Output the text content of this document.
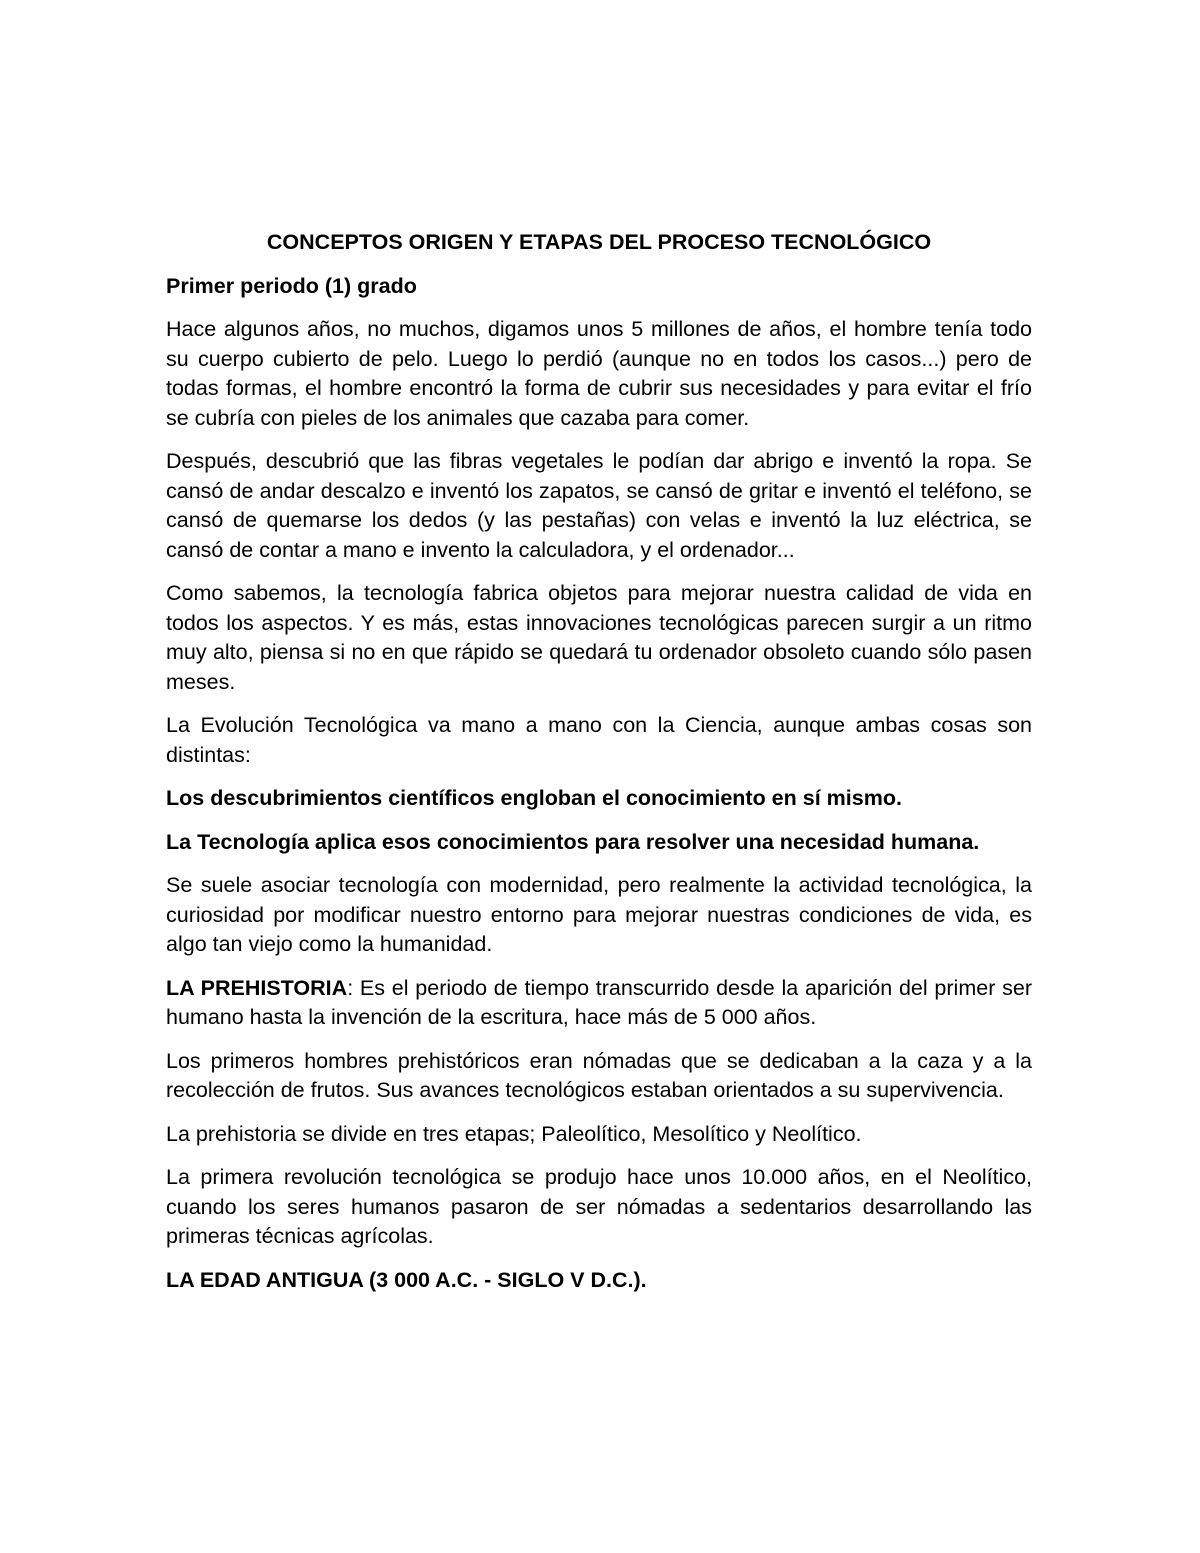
CONCEPTOS ORIGEN Y ETAPAS DEL PROCESO TECNOLÓGICO
Primer periodo (1) grado

Hace algunos años, no muchos, digamos unos 5 millones de años, el hombre tenía todo su cuerpo cubierto de pelo. Luego lo perdió (aunque no en todos los casos...) pero de todas formas, el hombre encontró la forma de cubrir sus necesidades y para evitar el frío se cubría con pieles de los animales que cazaba para comer.

Después, descubrió que las fibras vegetales le podían dar abrigo e inventó la ropa. Se cansó de andar descalzo e inventó los zapatos, se cansó de gritar e inventó el teléfono, se cansó de quemarse los dedos (y las pestañas) con velas e inventó la luz eléctrica, se cansó de contar a mano e invento la calculadora, y el ordenador...

Como sabemos, la tecnología fabrica objetos para mejorar nuestra calidad de vida en todos los aspectos. Y es más, estas innovaciones tecnológicas parecen surgir a un ritmo muy alto, piensa si no en que rápido se quedará tu ordenador obsoleto cuando sólo pasen meses.

La Evolución Tecnológica va mano a mano con la Ciencia, aunque ambas cosas son distintas:

Los descubrimientos científicos engloban el conocimiento en sí mismo.

La Tecnología aplica esos conocimientos para resolver una necesidad humana.

Se suele asociar tecnología con modernidad, pero realmente la actividad tecnológica, la curiosidad por modificar nuestro entorno para mejorar nuestras condiciones de vida, es algo tan viejo como la humanidad.

LA PREHISTORIA: Es el periodo de tiempo transcurrido desde la aparición del primer ser humano hasta la invención de la escritura, hace más de 5 000 años.

Los primeros hombres prehistóricos eran nómadas que se dedicaban a la caza y a la recolección de frutos. Sus avances tecnológicos estaban orientados a su supervivencia.

La prehistoria se divide en tres etapas; Paleolítico, Mesolítico y Neolítico.

La primera revolución tecnológica se produjo hace unos 10.000 años, en el Neolítico, cuando los seres humanos pasaron de ser nómadas a sedentarios desarrollando las primeras técnicas agrícolas.

LA EDAD ANTIGUA (3 000 A.C. - SIGLO V D.C.).
